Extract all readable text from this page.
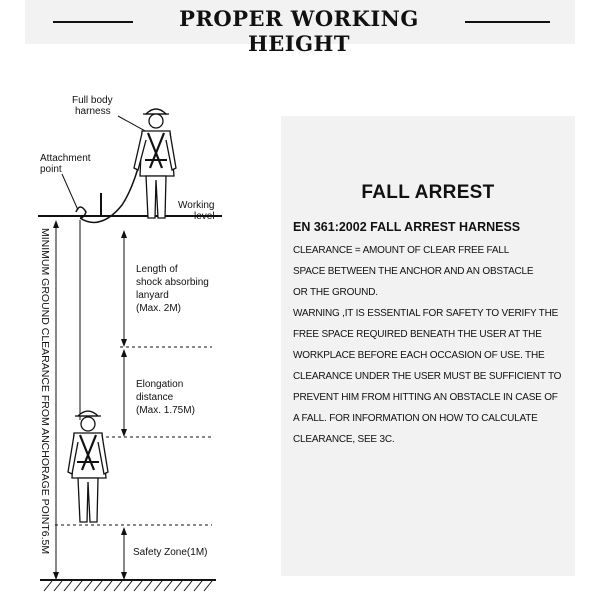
PROPER WORKING HEIGHT
Full body
harness
Attachment
point
Working
level
Length of
shock absorbing
lanyard
(Max. 2M)
Elongation
distance
(Max. 1.75M)
Safety Zone(1M)
MINIMUM GROUND CLEARANCE FROM ANCHORAGE POINT6.5M
FALL ARREST
EN 361:2002 FALL ARREST HARNESS
CLEARANCE = AMOUNT OF CLEAR FREE FALL
SPACE BETWEEN THE ANCHOR AND AN OBSTACLE
OR THE GROUND.
WARNING ,IT IS ESSENTIAL FOR SAFETY TO VERIFY THE
FREE SPACE REQUIRED BENEATH THE USER AT THE
WORKPLACE BEFORE EACH OCCASION OF USE. THE
CLEARANCE UNDER THE USER MUST BE SUFFICIENT TO
PREVENT HIM FROM HITTING AN OBSTACLE IN CASE OF
A FALL. FOR INFORMATION ON HOW TO CALCULATE
CLEARANCE, SEE 3C.
